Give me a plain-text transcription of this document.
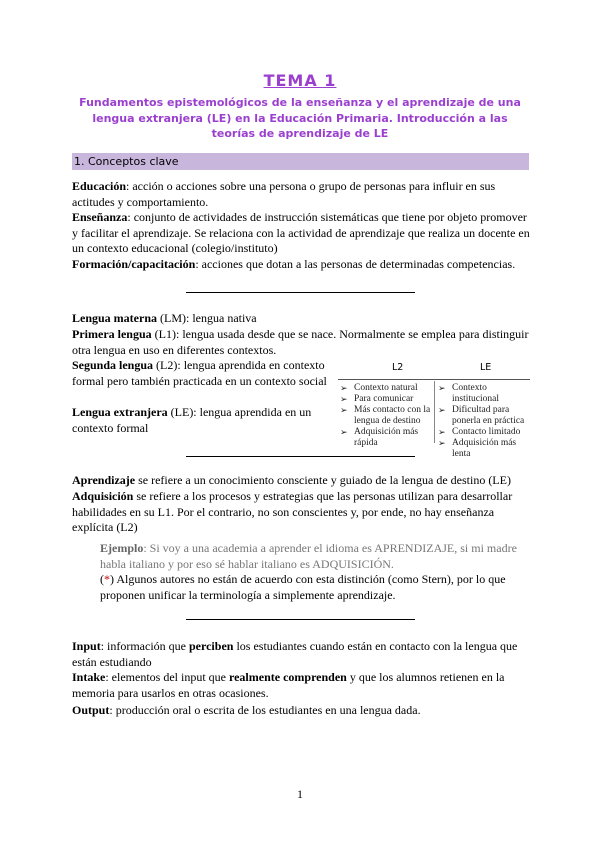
TEMA 1
Fundamentos epistemológicos de la enseñanza y el aprendizaje de una lengua extranjera (LE) en la Educación Primaria. Introducción a las teorías de aprendizaje de LE
1. Conceptos clave
Educación: acción o acciones sobre una persona o grupo de personas para influir en sus actitudes y comportamiento.
Enseñanza: conjunto de actividades de instrucción sistemáticas que tiene por objeto promover y facilitar el aprendizaje. Se relaciona con la actividad de aprendizaje que realiza un docente en un contexto educacional (colegio/instituto)
Formación/capacitación: acciones que dotan a las personas de determinadas competencias.
Lengua materna (LM): lengua nativa
Primera lengua (L1): lengua usada desde que se nace. Normalmente se emplea para distinguir otra lengua en uso en diferentes contextos.
Segunda lengua (L2): lengua aprendida en contexto formal pero también practicada en un contexto social
Lengua extranjera (LE): lengua aprendida en un contexto formal
L2	LE
➢ Contexto natural
➢ Para comunicar
➢ Más contacto con la lengua de destino
➢ Adquisición más rápida
➢ Contexto institucional
➢ Dificultad para ponerla en práctica
➢ Contacto limitado
➢ Adquisición más lenta
Aprendizaje se refiere a un conocimiento consciente y guiado de la lengua de destino (LE)
Adquisición se refiere a los procesos y estrategias que las personas utilizan para desarrollar habilidades en su L1. Por el contrario, no son conscientes y, por ende, no hay enseñanza explícita (L2)
Ejemplo: Si voy a una academia a aprender el idioma es APRENDIZAJE, si mi madre habla italiano y por eso sé hablar italiano es ADQUISICIÓN.
(*) Algunos autores no están de acuerdo con esta distinción (como Stern), por lo que proponen unificar la terminología a simplemente aprendizaje.
Input: información que perciben los estudiantes cuando están en contacto con la lengua que están estudiando
Intake: elementos del input que realmente comprenden y que los alumnos retienen en la memoria para usarlos en otras ocasiones.
Output: producción oral o escrita de los estudiantes en una lengua dada.
1
